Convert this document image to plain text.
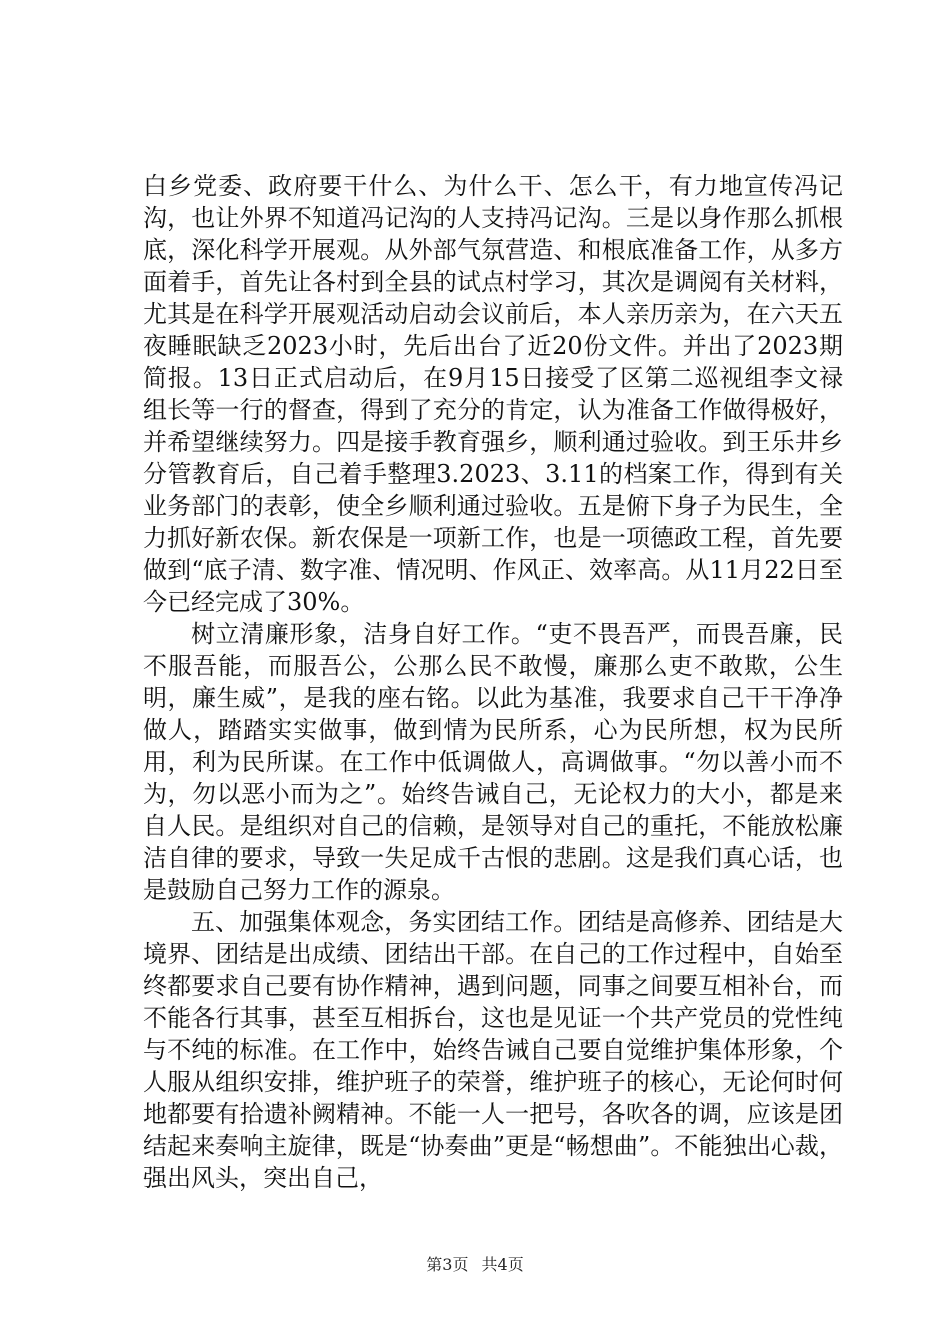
白乡党委、政府要干什么、为什么干、怎么干，有力地宣传冯记沟，也让外界不知道冯记沟的人支持冯记沟。三是以身作那么抓根底，深化科学开展观。从外部气氛营造、和根底准备工作，从多方面着手，首先让各村到全县的试点村学习，其次是调阅有关材料，尤其是在科学开展观活动启动会议前后，本人亲历亲为，在六天五夜睡眠缺乏2023小时，先后出台了近20份文件。并出了2023期简报。13日正式启动后，在9月15日接受了区第二巡视组李文禄组长等一行的督查，得到了充分的肯定，认为准备工作做得极好，并希望继续努力。四是接手教育强乡，顺利通过验收。到王乐井乡分管教育后，自己着手整理3.2023、3.11的档案工作，得到有关业务部门的表彰，使全乡顺利通过验收。五是俯下身子为民生，全力抓好新农保。新农保是一项新工作，也是一项德政工程，首先要做到“底子清、数字准、情况明、作风正、效率高。从11月22日至今已经完成了30%。

树立清廉形象，洁身自好工作。“吏不畏吾严，而畏吾廉，民不服吾能，而服吾公，公那么民不敢慢，廉那么吏不敢欺，公生明，廉生威”，是我的座右铭。以此为基准，我要求自己干干净净做人，踏踏实实做事，做到情为民所系，心为民所想，权为民所用，利为民所谋。在工作中低调做人，高调做事。“勿以善小而不为，勿以恶小而为之”。始终告诫自己，无论权力的大小，都是来自人民。是组织对自己的信赖，是领导对自己的重托，不能放松廉洁自律的要求，导致一失足成千古恨的悲剧。这是我们真心话，也是鼓励自己努力工作的源泉。

五、加强集体观念，务实团结工作。团结是高修养、团结是大境界、团结是出成绩、团结出干部。在自己的工作过程中，自始至终都要求自己要有协作精神，遇到问题，同事之间要互相补台，而不能各行其事，甚至互相拆台，这也是见证一个共产党员的党性纯与不纯的标准。在工作中，始终告诫自己要自觉维护集体形象，个人服从组织安排，维护班子的荣誉，维护班子的核心，无论何时何地都要有拾遗补阙精神。不能一人一把号，各吹各的调，应该是团结起来奏响主旋律，既是“协奏曲”更是“畅想曲”。不能独出心裁，强出风头，突出自己，

第3页 共4页
